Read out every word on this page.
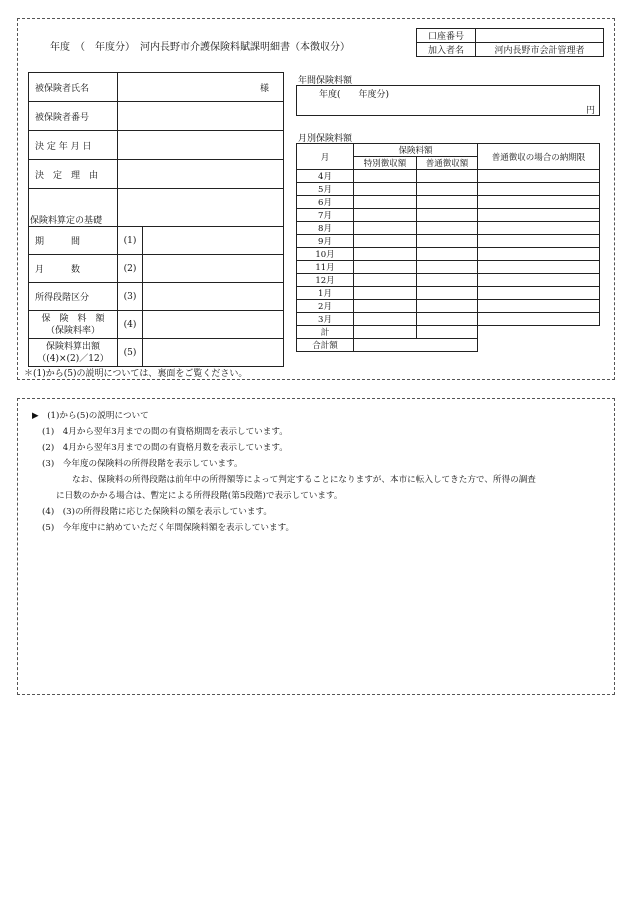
年度　（　年度分）　河内長野市介護保険料賦課明細書（本徴収分）
口座番号	
加入者名	河内長野市会計管理者
被保険者氏名	様
被保険者番号	
決 定 年 月 日	
決　定　理　由	

保険料算定の基礎
期　　　間	(1)	
月　　　数	(2)	
所得段階区分	(3)	

保　険　料　額
（保険料率）	(4)	

保険料算出額
（(4)×(2)／12）	(5)	
＊(1)から(5)の説明については、裏面をご覧ください。
年間保険料額
年度(　　年度分)
円
月別保険料額
月	保険料額		普通徴収の場合の納期限
	特別徴収額	普通徴収額	
4月			
5月			
6月			
7月			
8月			
9月			
10月			
11月			
12月			
1月			
2月			
3月			
計			
合計額			
▶　(1)から(5)の説明について
(1)　4月から翌年3月までの間の有資格期間を表示しています。
(2)　4月から翌年3月までの間の有資格月数を表示しています。
(3)　今年度の保険料の所得段階を表示しています。
なお、保険料の所得段階は前年中の所得額等によって判定することになりますが、本市に転入してきた方で、所得の調査
に日数のかかる場合は、暫定による所得段階(第5段階)で表示しています。
(4)　(3)の所得段階に応じた保険料の額を表示しています。
(5)　今年度中に納めていただく年間保険料額を表示しています。
